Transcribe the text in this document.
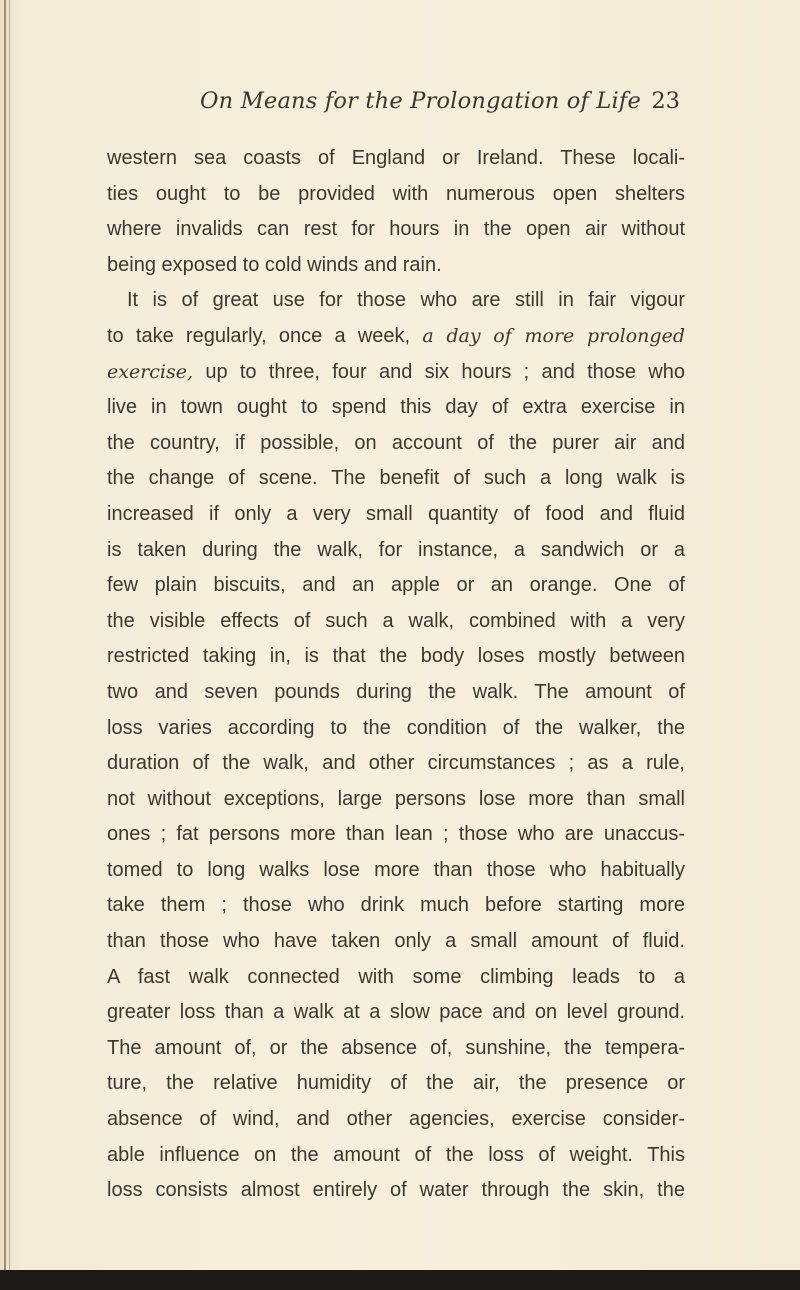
On Means for the Prolongation of Life 23
western sea coasts of England or Ireland. These locali-
ties ought to be provided with numerous open shelters
where invalids can rest for hours in the open air without
being exposed to cold winds and rain.
It is of great use for those who are still in fair vigour
to take regularly, once a week, a day of more prolonged
exercise, up to three, four and six hours ; and those who
live in town ought to spend this day of extra exercise in
the country, if possible, on account of the purer air and
the change of scene. The benefit of such a long walk is
increased if only a very small quantity of food and fluid
is taken during the walk, for instance, a sandwich or a
few plain biscuits, and an apple or an orange. One of
the visible effects of such a walk, combined with a very
restricted taking in, is that the body loses mostly between
two and seven pounds during the walk. The amount of
loss varies according to the condition of the walker, the
duration of the walk, and other circumstances ; as a rule,
not without exceptions, large persons lose more than small
ones ; fat persons more than lean ; those who are unaccus-
tomed to long walks lose more than those who habitually
take them ; those who drink much before starting more
than those who have taken only a small amount of fluid.
A fast walk connected with some climbing leads to a
greater loss than a walk at a slow pace and on level ground.
The amount of, or the absence of, sunshine, the tempera-
ture, the relative humidity of the air, the presence or
absence of wind, and other agencies, exercise consider-
able influence on the amount of the loss of weight. This
loss consists almost entirely of water through the skin, the
